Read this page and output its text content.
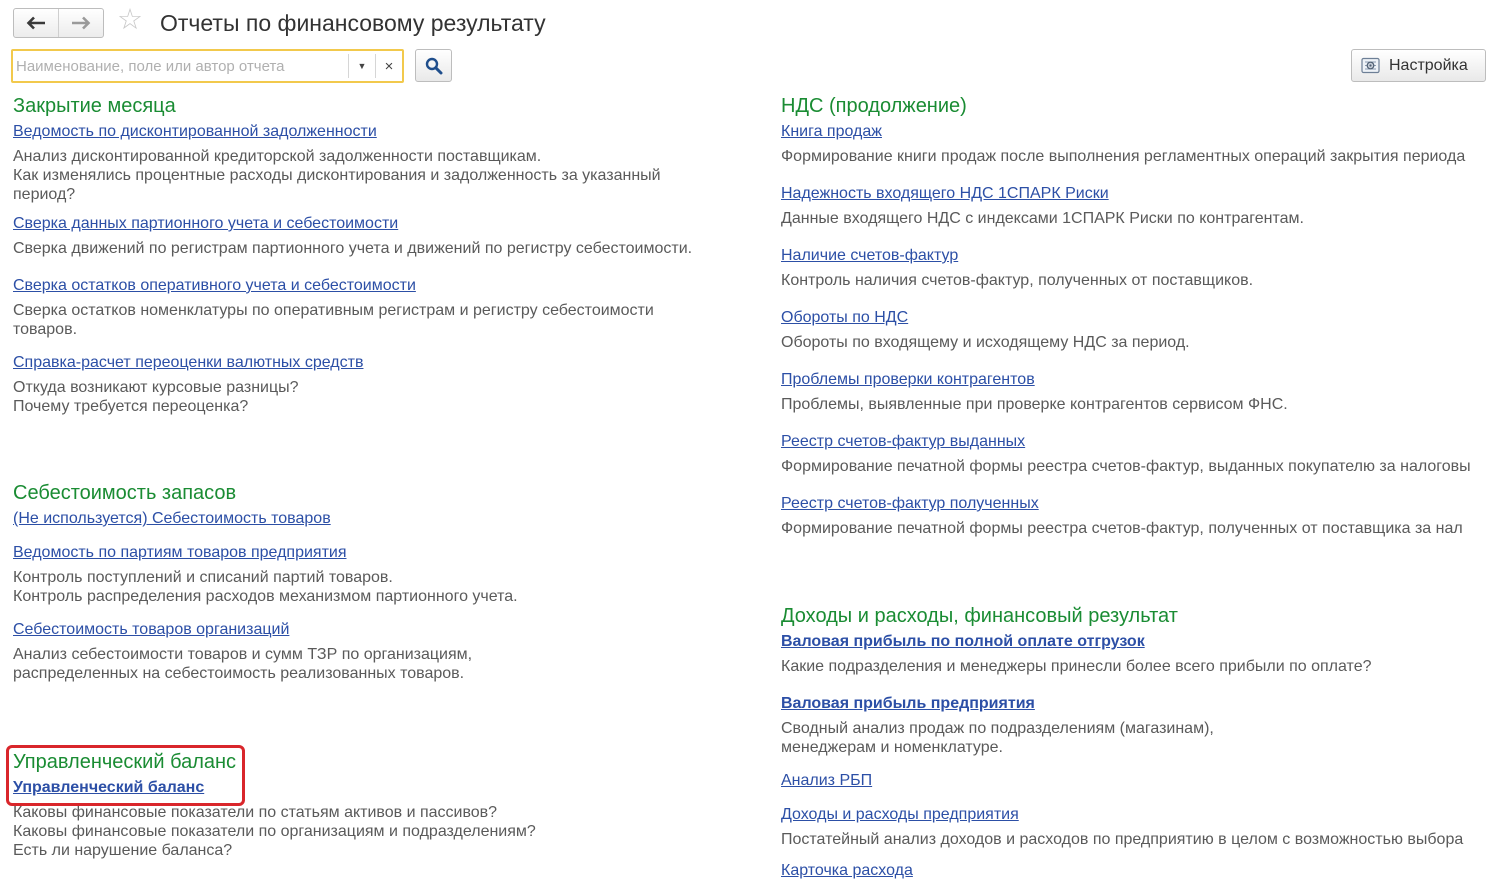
☆ Отчеты по финансовому результату
Наименование, поле или автор отчета
▼	×	Настройка
Закрытие месяца
Ведомость по дисконтированной задолженности
Анализ дисконтированной кредиторской задолженности поставщикам.
Как изменялись процентные расходы дисконтирования и задолженность за указанный период?
Сверка данных партионного учета и себестоимости
Сверка движений по регистрам партионного учета и движений по регистру себестоимости.
Сверка остатков оперативного учета и себестоимости
Сверка остатков номенклатуры по оперативным регистрам и регистру себестоимости товаров.
Справка-расчет переоценки валютных средств
Откуда возникают курсовые разницы?
Почему требуется переоценка?
Себестоимость запасов
(Не используется) Себестоимость товаров
Ведомость по партиям товаров предприятия
Контроль поступлений и списаний партий товаров.
Контроль распределения расходов механизмом партионного учета.
Себестоимость товаров организаций
Анализ себестоимости товаров и сумм ТЗР по организациям,
распределенных на себестоимость реализованных товаров.
Управленческий баланс
Управленческий баланс
Каковы финансовые показатели по статьям активов и пассивов?
Каковы финансовые показатели по организациям и подразделениям?
Есть ли нарушение баланса?
НДС (продолжение)
Книга продаж
Формирование книги продаж после выполнения регламентных операций закрытия периода
Надежность входящего НДС 1СПАРК Риски
Данные входящего НДС с индексами 1СПАРК Риски по контрагентам.
Наличие счетов-фактур
Контроль наличия счетов-фактур, полученных от поставщиков.
Обороты по НДС
Обороты по входящему и исходящему НДС за период.
Проблемы проверки контрагентов
Проблемы, выявленные при проверке контрагентов сервисом ФНС.
Реестр счетов-фактур выданных
Формирование печатной формы реестра счетов-фактур, выданных покупателю за налоговы
Реестр счетов-фактур полученных
Формирование печатной формы реестра счетов-фактур, полученных от поставщика за нал
Доходы и расходы, финансовый результат
Валовая прибыль по полной оплате отгрузок
Какие подразделения и менеджеры принесли более всего прибыли по оплате?
Валовая прибыль предприятия
Сводный анализ продаж по подразделениям (магазинам),
менеджерам и номенклатуре.
Анализ РБП
Доходы и расходы предприятия
Постатейный анализ доходов и расходов по предприятию в целом с возможностью выбора
Карточка расхода
